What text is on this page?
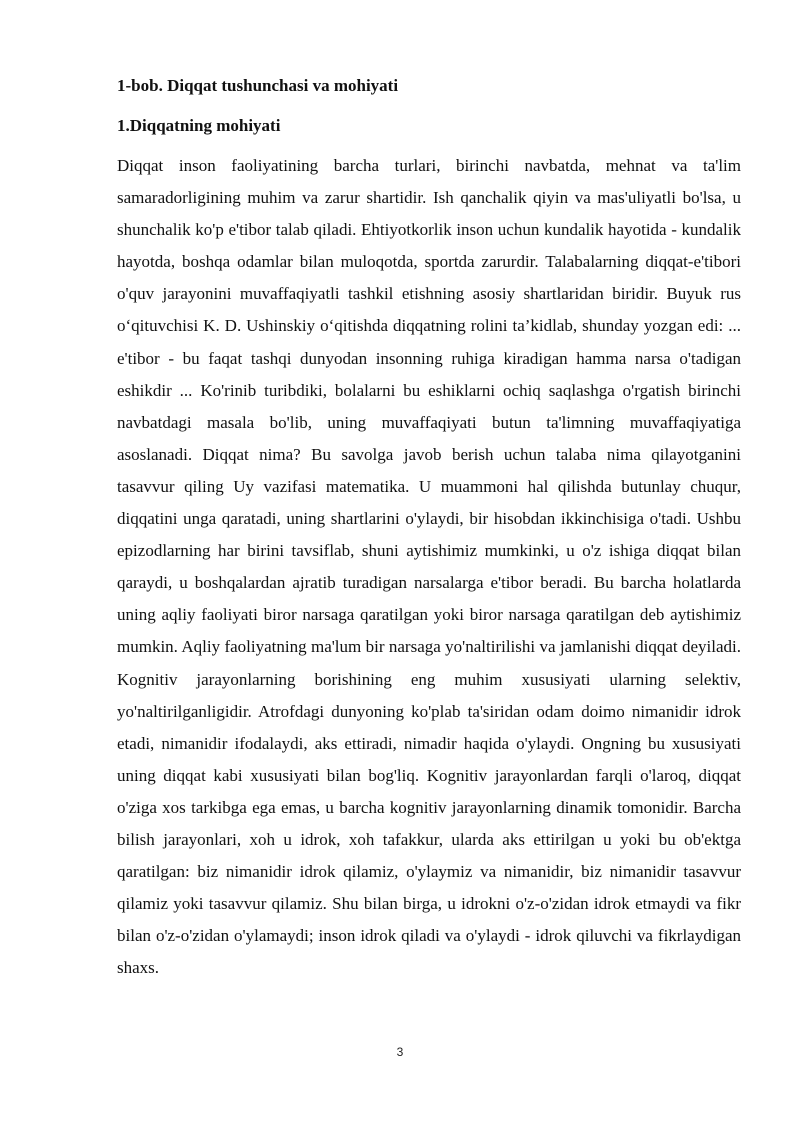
1-bob. Diqqat tushunchasi va mohiyati
1.Diqqatning mohiyati

Diqqat inson faoliyatining barcha turlari, birinchi navbatda, mehnat va ta'lim samaradorligining muhim va zarur shartidir. Ish qanchalik qiyin va mas'uliyatli bo'lsa, u shunchalik ko'p e'tibor talab qiladi. Ehtiyotkorlik inson uchun kundalik hayotida - kundalik hayotda, boshqa odamlar bilan muloqotda, sportda zarurdir. Talabalarning diqqat-e'tibori o'quv jarayonini muvaffaqiyatli tashkil etishning asosiy shartlaridan biridir. Buyuk rus o‘qituvchisi K. D. Ushinskiy o‘qitishda diqqatning rolini ta’kidlab, shunday yozgan edi: ... e'tibor - bu faqat tashqi dunyodan insonning ruhiga kiradigan hamma narsa o'tadigan eshikdir ... Ko'rinib turibdiki, bolalarni bu eshiklarni ochiq saqlashga o'rgatish birinchi navbatdagi masala bo'lib, uning muvaffaqiyati butun ta'limning muvaffaqiyatiga asoslanadi. Diqqat nima? Bu savolga javob berish uchun talaba nima qilayotganini tasavvur qiling Uy vazifasi matematika. U muammoni hal qilishda butunlay chuqur, diqqatini unga qaratadi, uning shartlarini o'ylaydi, bir hisobdan ikkinchisiga o'tadi. Ushbu epizodlarning har birini tavsiflab, shuni aytishimiz mumkinki, u o'z ishiga diqqat bilan qaraydi, u boshqalardan ajratib turadigan narsalarga e'tibor beradi. Bu barcha holatlarda uning aqliy faoliyati biror narsaga qaratilgan yoki biror narsaga qaratilgan deb aytishimiz mumkin. Aqliy faoliyatning ma'lum bir narsaga yo'naltirilishi va jamlanishi diqqat deyiladi. Kognitiv jarayonlarning borishining eng muhim xususiyati ularning selektiv, yo'naltirilganligidir. Atrofdagi dunyoning ko'plab ta'siridan odam doimo nimanidir idrok etadi, nimanidir ifodalaydi, aks ettiradi, nimadir haqida o'ylaydi. Ongning bu xususiyati uning diqqat kabi xususiyati bilan bog'liq. Kognitiv jarayonlardan farqli o'laroq, diqqat o'ziga xos tarkibga ega emas, u barcha kognitiv jarayonlarning dinamik tomonidir. Barcha bilish jarayonlari, xoh u idrok, xoh tafakkur, ularda aks ettirilgan u yoki bu ob'ektga qaratilgan: biz nimanidir idrok qilamiz, o'ylaymiz va nimanidir, biz nimanidir tasavvur qilamiz yoki tasavvur qilamiz. Shu bilan birga, u idrokni o'z-o'zidan idrok etmaydi va fikr bilan o'z-o'zidan o'ylamaydi; inson idrok qiladi va o'ylaydi - idrok qiluvchi va fikrlaydigan shaxs.

3
